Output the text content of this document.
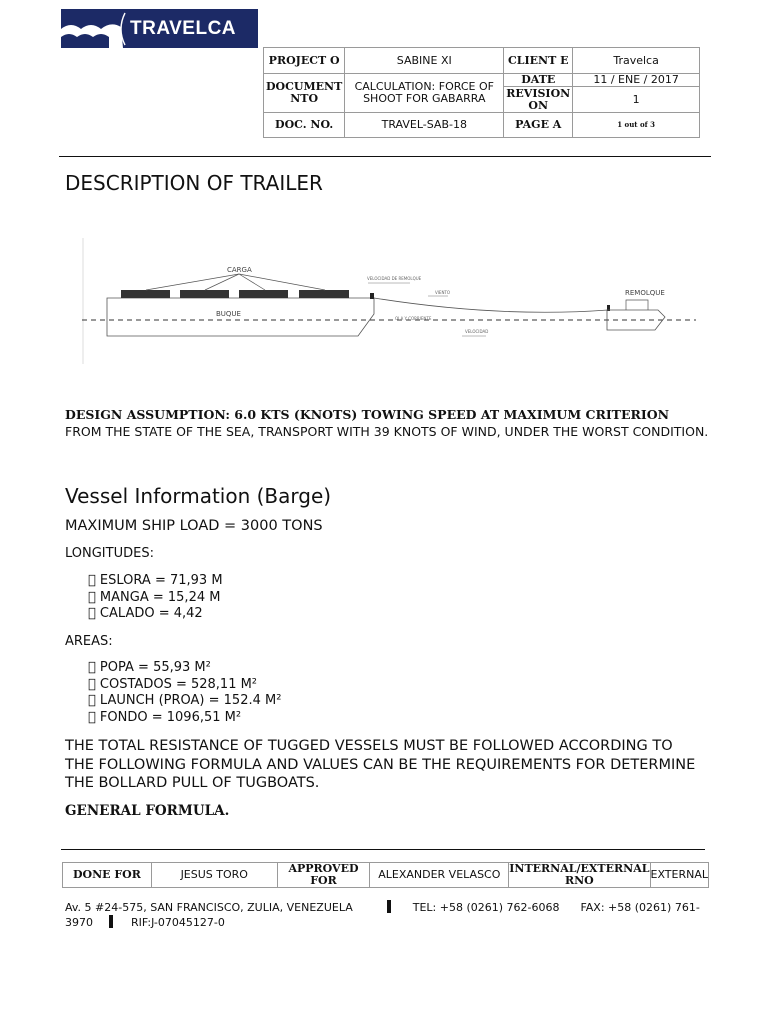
TRAVELCA
PROJECT O	SABINE XI	CLIENT E	Travelca
DOCUMENT NTO	CALCULATION: FORCE OF SHOOT FOR GABARRA	DATE	11 / ENE / 2017
		REVISION ON	1
DOC. NO.	TRAVEL-SAB-18	PAGE A	1 out of 3
DESCRIPTION OF TRAILER
CARGA
BUQUE
REMOLQUE
VELOCIDAD DE REMOLQUE
VIENTO
OLA Y CORRIENTE
VELOCIDAD

DESIGN ASSUMPTION: 6.0 KTS (KNOTS) TOWING SPEED AT MAXIMUM CRITERION

FROM THE STATE OF THE SEA, TRANSPORT WITH 39 KNOTS OF WIND, UNDER THE WORST CONDITION.

Vessel Information (Barge)

MAXIMUM SHIP LOAD = 3000 TONS

LONGITUDES:

ESLORA = 71,93 M
MANGA = 15,24 M
CALADO = 4,42

AREAS:

POPA = 55,93 M²
COSTADOS = 528,11 M²
LAUNCH (PROA) = 152.4 M²
FONDO = 1096,51 M²

THE TOTAL RESISTANCE OF TUGGED VESSELS MUST BE FOLLOWED ACCORDING TO THE FOLLOWING FORMULA AND VALUES CAN BE THE REQUIREMENTS FOR DETERMINE THE BOLLARD PULL OF TUGBOATS.

GENERAL FORMULA.

DONE FOR	JESUS TORO	APPROVED FOR	ALEXANDER VELASCO	INTERNAL/EXTERNAL RNO	EXTERNAL
Av. 5 #24-575, SAN FRANCISCO, ZULIA, VENEZUELA	TEL: +58 (0261) 762-6068 FAX: +58 (0261) 761-3970	RIF:J-07045127-0
